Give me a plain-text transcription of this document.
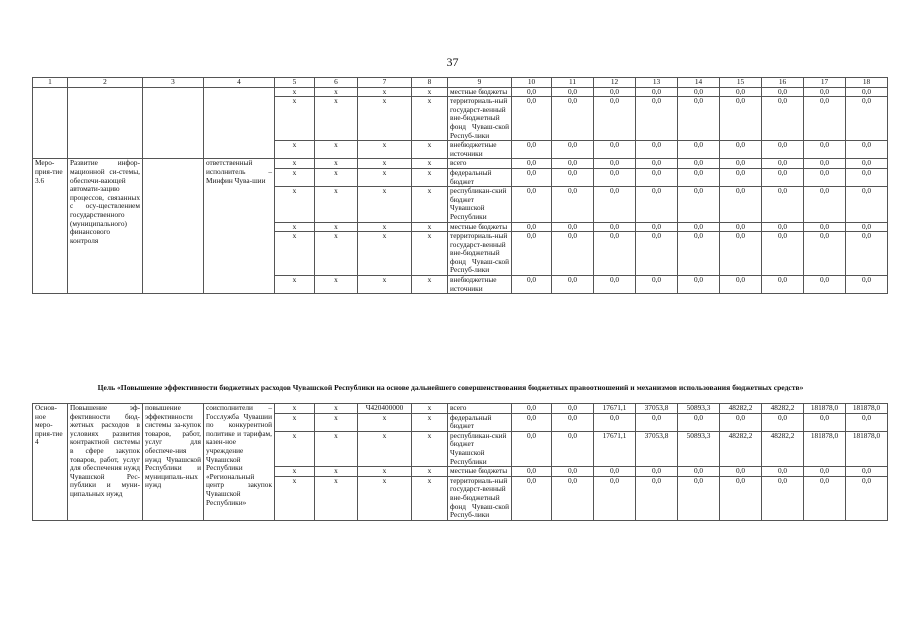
37
1	2	3	4	5	6	7	8	9	10	11	12	13	14	15	16	17	18
				x	x	x	x	местные бюджеты	0,0	0,0	0,0	0,0	0,0	0,0	0,0	0,0	0,0
				x	x	x	x	территориаль-ный государст-венный вне-бюджетный фонд Чуваш-ской Респуб-лики	0,0	0,0	0,0	0,0	0,0	0,0	0,0	0,0	0,0
				x	x	x	x	внебюджетные источники	0,0	0,0	0,0	0,0	0,0	0,0	0,0	0,0	0,0
Меро-прия-тие 3.6	Развитие инфор-мационной си-стемы, обеспечи-вающей автомати-зацию процессов, связанных с осу-ществлением государственного (муниципального) финансового контроля		ответственный исполнитель – Минфин Чува-шии	x	x	x	x	всего	0,0	0,0	0,0	0,0	0,0	0,0	0,0	0,0	0,0
				x	x	x	x	федеральный бюджет	0,0	0,0	0,0	0,0	0,0	0,0	0,0	0,0	0,0
				x	x	x	x	республикан-ский бюджет Чувашской Республики	0,0	0,0	0,0	0,0	0,0	0,0	0,0	0,0	0,0
				x	x	x	x	местные бюджеты	0,0	0,0	0,0	0,0	0,0	0,0	0,0	0,0	0,0
				x	x	x	x	территориаль-ный государст-венный вне-бюджетный фонд Чуваш-ской Респуб-лики	0,0	0,0	0,0	0,0	0,0	0,0	0,0	0,0	0,0
				x	x	x	x	внебюджетные источники	0,0	0,0	0,0	0,0	0,0	0,0	0,0	0,0	0,0
Цель «Повышение эффективности бюджетных расходов Чувашской Республики на основе дальнейшего совершенствования бюджетных правоотношений и механизмов использования бюджетных средств»
Основ-ное меро-прия-тие 4	Повышение эф-фективности бюд-жетных расходов в условиях развития контрактной системы в сфере закупок товаров, работ, услуг для обеспечения нужд Чувашской Рес-публики и муни-ципальных нужд	повышение эффективности системы за-купок товаров, работ, услуг для обеспече-ния нужд Чувашской Республики и муниципаль-ных нужд	соисполнители – Госслужба Чувашии по конкурентной политике и тарифам, казен-ное учреждение Чувашской Республики «Региональный центр закупок Чувашской Республики»	x	x	Ч420400000	x	всего	0,0	0,0	17671,1	37053,8	50893,3	48282,2	48282,2	181878,0	181878,0
				x	x	x	x	федеральный бюджет	0,0	0,0	0,0	0,0	0,0	0,0	0,0	0,0	0,0
				x	x	x	x	республикан-ский бюджет Чувашской Республики	0,0	0,0	17671,1	37053,8	50893,3	48282,2	48282,2	181878,0	181878,0
				x	x	x	x	местные бюджеты	0,0	0,0	0,0	0,0	0,0	0,0	0,0	0,0	0,0
				x	x	x	x	территориаль-ный государст-венный вне-бюджетный фонд Чуваш-ской Респуб-лики	0,0	0,0	0,0	0,0	0,0	0,0	0,0	0,0	0,0
